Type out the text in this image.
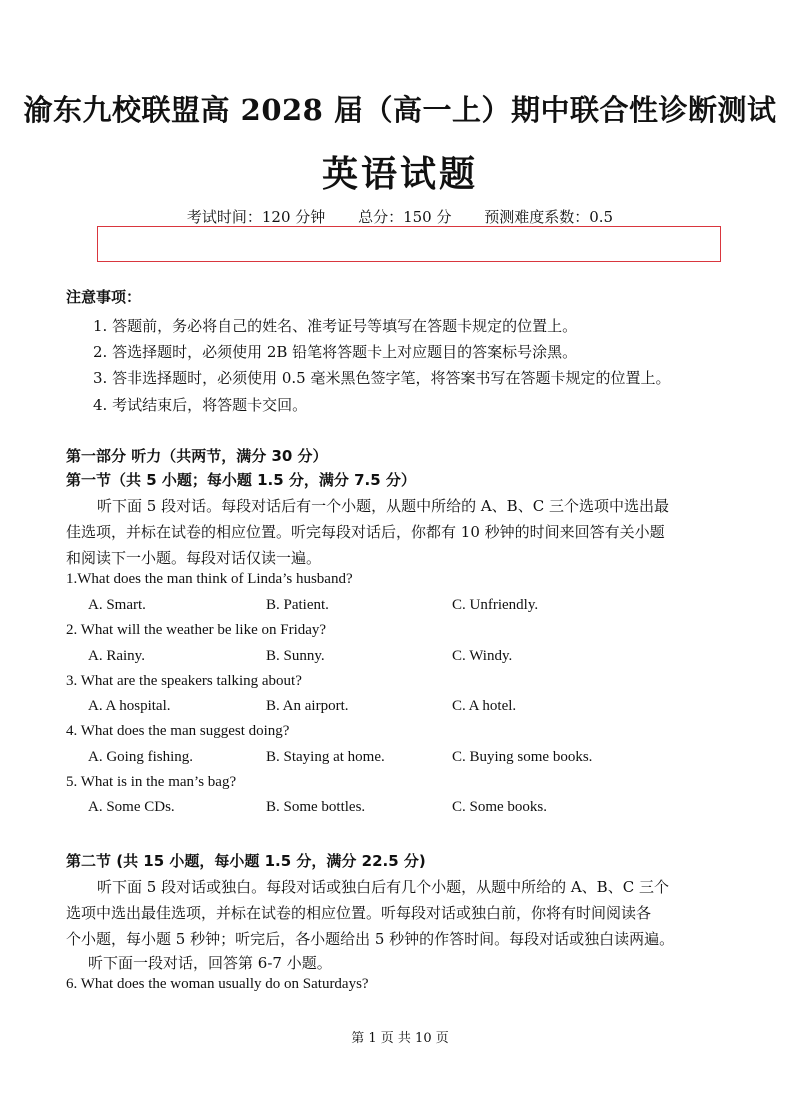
渝东九校联盟高 2028 届（高一上）期中联合性诊断测试
英语试题
考试时间：120 分钟 总分：150 分 预测难度系数：0.5
注意事项：
1. 答题前，务必将自己的姓名、准考证号等填写在答题卡规定的位置上。
2. 答选择题时，必须使用 2B 铅笔将答题卡上对应题目的答案标号涂黑。
3. 答非选择题时，必须使用 0.5 毫米黑色签字笔，将答案书写在答题卡规定的位置上。
4. 考试结束后，将答题卡交回。
第一部分 听力（共两节，满分 30 分）
第一节（共 5 小题；每小题 1.5 分，满分 7.5 分）
听下面 5 段对话。每段对话后有一个小题，从题中所给的 A、B、C 三个选项中选出最
佳选项，并标在试卷的相应位置。听完每段对话后，你都有 10 秒钟的时间来回答有关小题
和阅读下一小题。每段对话仅读一遍。
1.What does the man think of Linda’s husband?
A. Smart.	B. Patient.	C. Unfriendly.
2. What will the weather be like on Friday?
A. Rainy.	B. Sunny.	C. Windy.
3. What are the speakers talking about?
A. A hospital.	B. An airport.	C. A hotel.
4. What does the man suggest doing?
A. Going fishing.	B. Staying at home.	C. Buying some books.
5. What is in the man’s bag?
A. Some CDs.	B. Some bottles.	C. Some books.
第二节 (共 15 小题，每小题 1.5 分，满分 22.5 分)
听下面 5 段对话或独白。每段对话或独白后有几个小题，从题中所给的 A、B、C 三个
选项中选出最佳选项，并标在试卷的相应位置。听每段对话或独白前，你将有时间阅读各
个小题，每小题 5 秒钟；听完后，各小题给出 5 秒钟的作答时间。每段对话或独白读两遍。
听下面一段对话，回答第 6-7 小题。
6. What does the woman usually do on Saturdays?
第 1 页 共 10 页
